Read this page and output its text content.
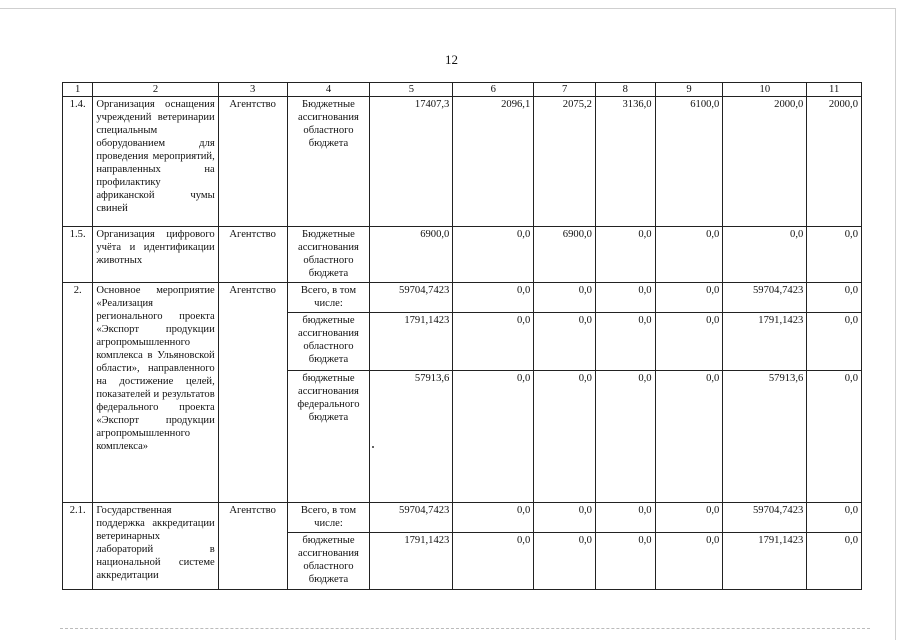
12
1	2	3	4	5	6	7	8	9	10	11
1.4.	Организация оснащения учреждений ветеринарии специальным оборудованием для проведения мероприятий, направленных на профилактику африканской чумы свиней	Агентство	Бюджетные ассигнования областного бюджета	17407,3	2096,1	2075,2	3136,0	6100,0	2000,0	2000,0
1.5.	Организация цифрового учёта и идентификации животных	Агентство	Бюджетные ассигнования областного бюджета	6900,0	0,0	6900,0	0,0	0,0	0,0	0,0
2.	Основное мероприятие «Реализация регионального проекта «Экспорт продукции агропромышленного комплекса в Ульяновской области», направленного на достижение целей, показателей и результатов федерального проекта «Экспорт продукции агропромышленного комплекса»	Агентство	Всего, в том числе:	59704,7423	0,0	0,0	0,0	0,0	59704,7423	0,0
			бюджетные ассигнования областного бюджета	1791,1423	0,0	0,0	0,0	0,0	1791,1423	0,0
			бюджетные ассигнования федерального бюджета	57913,6	0,0	0,0	0,0	0,0	57913,6	0,0
2.1.	Государственная поддержка аккредитации ветеринарных лабораторий в национальной системе аккредитации	Агентство	Всего, в том числе:	59704,7423	0,0	0,0	0,0	0,0	59704,7423	0,0
			бюджетные ассигнования областного бюджета	1791,1423	0,0	0,0	0,0	0,0	1791,1423	0,0
